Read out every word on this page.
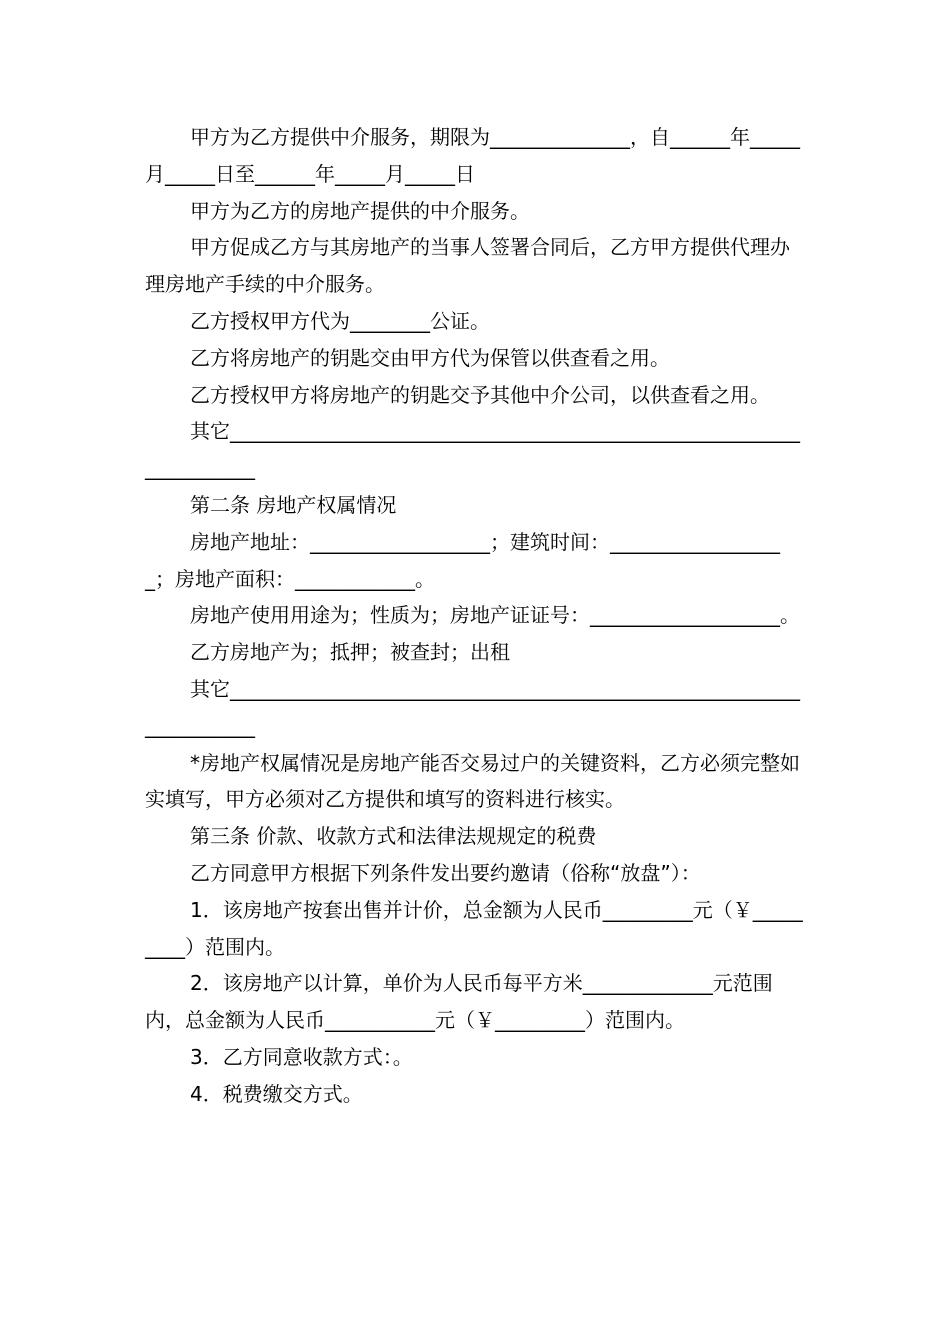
甲方为乙方提供中介服务，期限为______________，自______年_____月_____日至______年_____月_____日

甲方为乙方的房地产提供的中介服务。

甲方促成乙方与其房地产的当事人签署合同后，乙方甲方提供代理办理房地产手续的中介服务。

乙方授权甲方代为________公证。

乙方将房地产的钥匙交由甲方代为保管以供查看之用。

乙方授权甲方将房地产的钥匙交予其他中介公司，以供查看之用。

其它____________________________________________________________________

第二条 房地产权属情况

房地产地址：__________________；建筑时间：__________________；房地产面积：____________。

房地产使用用途为；性质为；房地产证证号：___________________。

乙方房地产为；抵押；被查封；出租

其它____________________________________________________________________

*房地产权属情况是房地产能否交易过户的关键资料，乙方必须完整如实填写，甲方必须对乙方提供和填写的资料进行核实。

第三条 价款、收款方式和法律法规规定的税费

乙方同意甲方根据下列条件发出要约邀请（俗称“放盘”）：

1．该房地产按套出售并计价，总金额为人民币_________元（￥_________）范围内。

2．该房地产以计算，单价为人民币每平方米_____________元范围内，总金额为人民币___________元（￥_________）范围内。

3．乙方同意收款方式：。

4．税费缴交方式。
